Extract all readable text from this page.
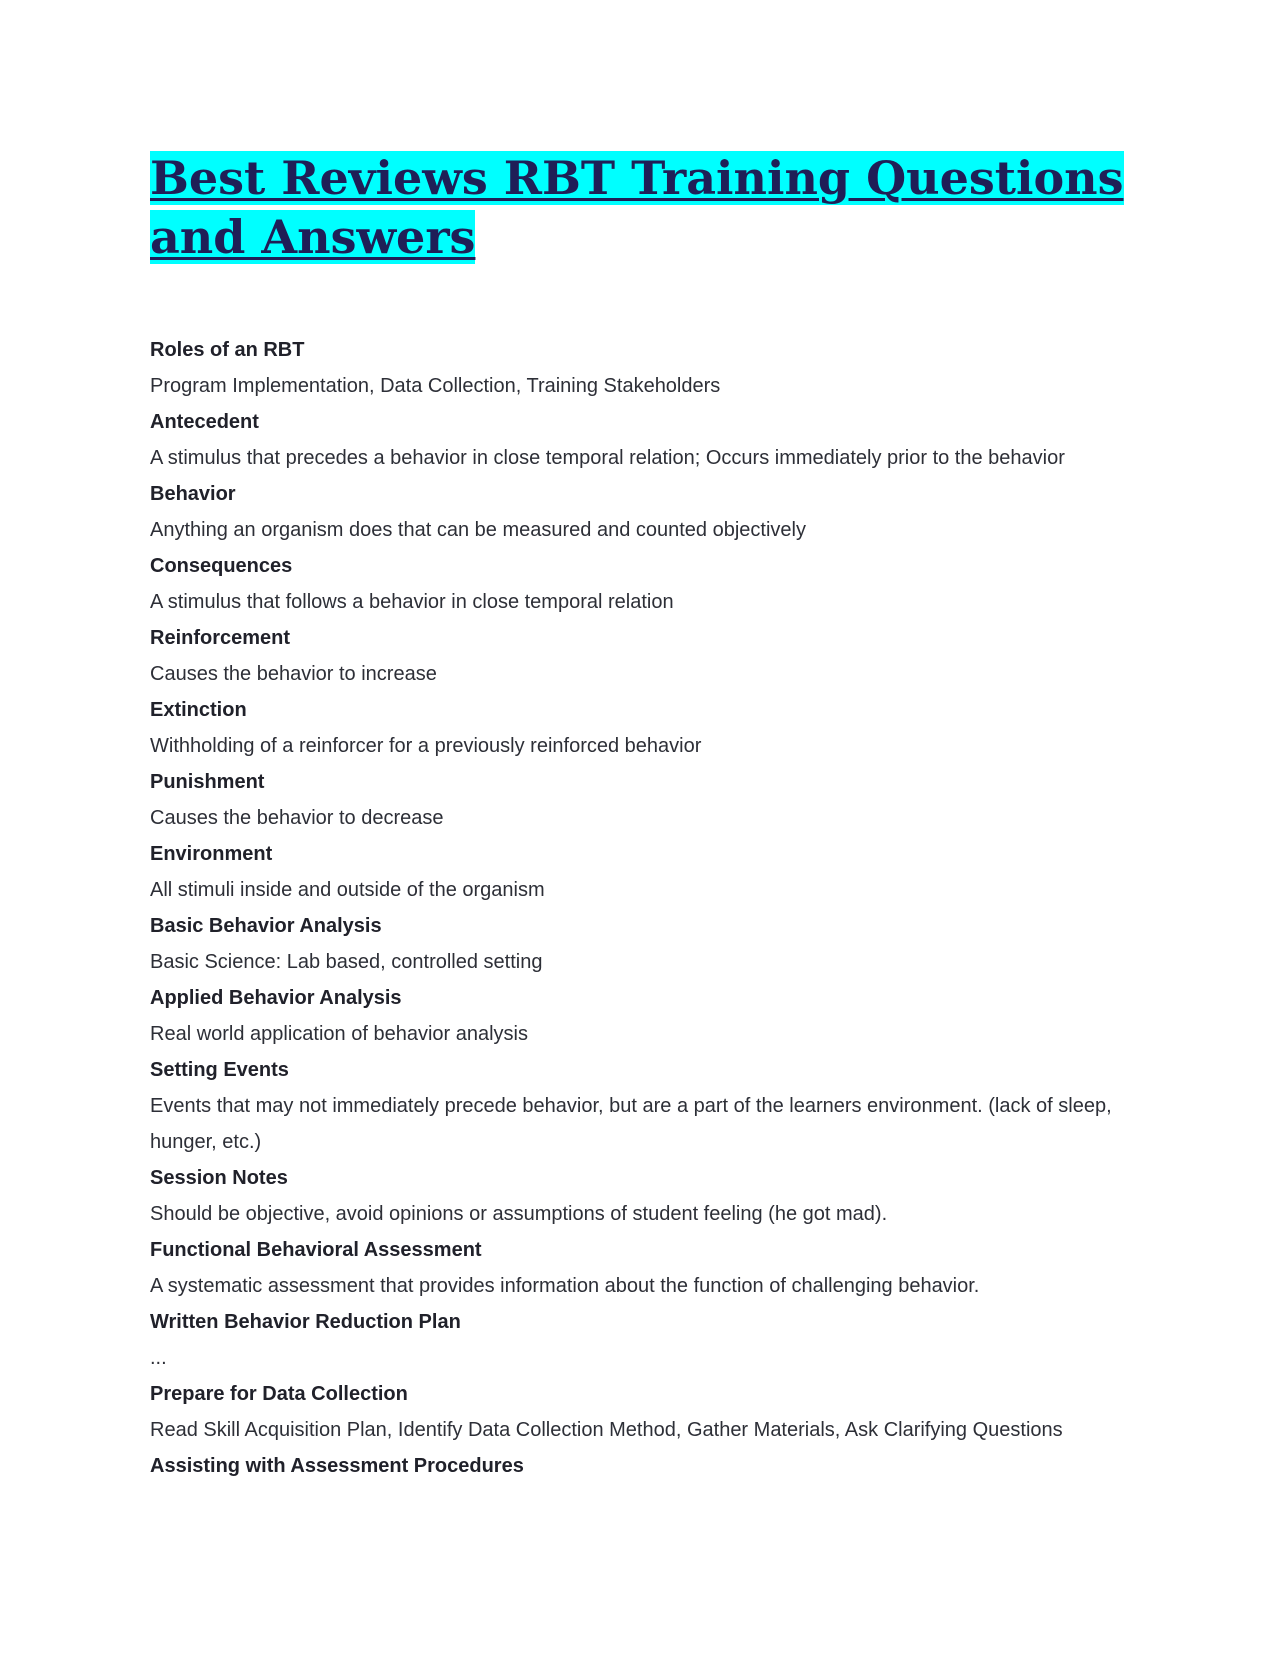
Best Reviews RBT Training Questions and Answers
Roles of an RBT
Program Implementation, Data Collection, Training Stakeholders
Antecedent
A stimulus that precedes a behavior in close temporal relation; Occurs immediately prior to the behavior
Behavior
Anything an organism does that can be measured and counted objectively
Consequences
A stimulus that follows a behavior in close temporal relation
Reinforcement
Causes the behavior to increase
Extinction
Withholding of a reinforcer for a previously reinforced behavior
Punishment
Causes the behavior to decrease
Environment
All stimuli inside and outside of the organism
Basic Behavior Analysis
Basic Science: Lab based, controlled setting
Applied Behavior Analysis
Real world application of behavior analysis
Setting Events
Events that may not immediately precede behavior, but are a part of the learners environment. (lack of sleep, hunger, etc.)
Session Notes
Should be objective, avoid opinions or assumptions of student feeling (he got mad).
Functional Behavioral Assessment
A systematic assessment that provides information about the function of challenging behavior.
Written Behavior Reduction Plan
...
Prepare for Data Collection
Read Skill Acquisition Plan, Identify Data Collection Method, Gather Materials, Ask Clarifying Questions
Assisting with Assessment Procedures
